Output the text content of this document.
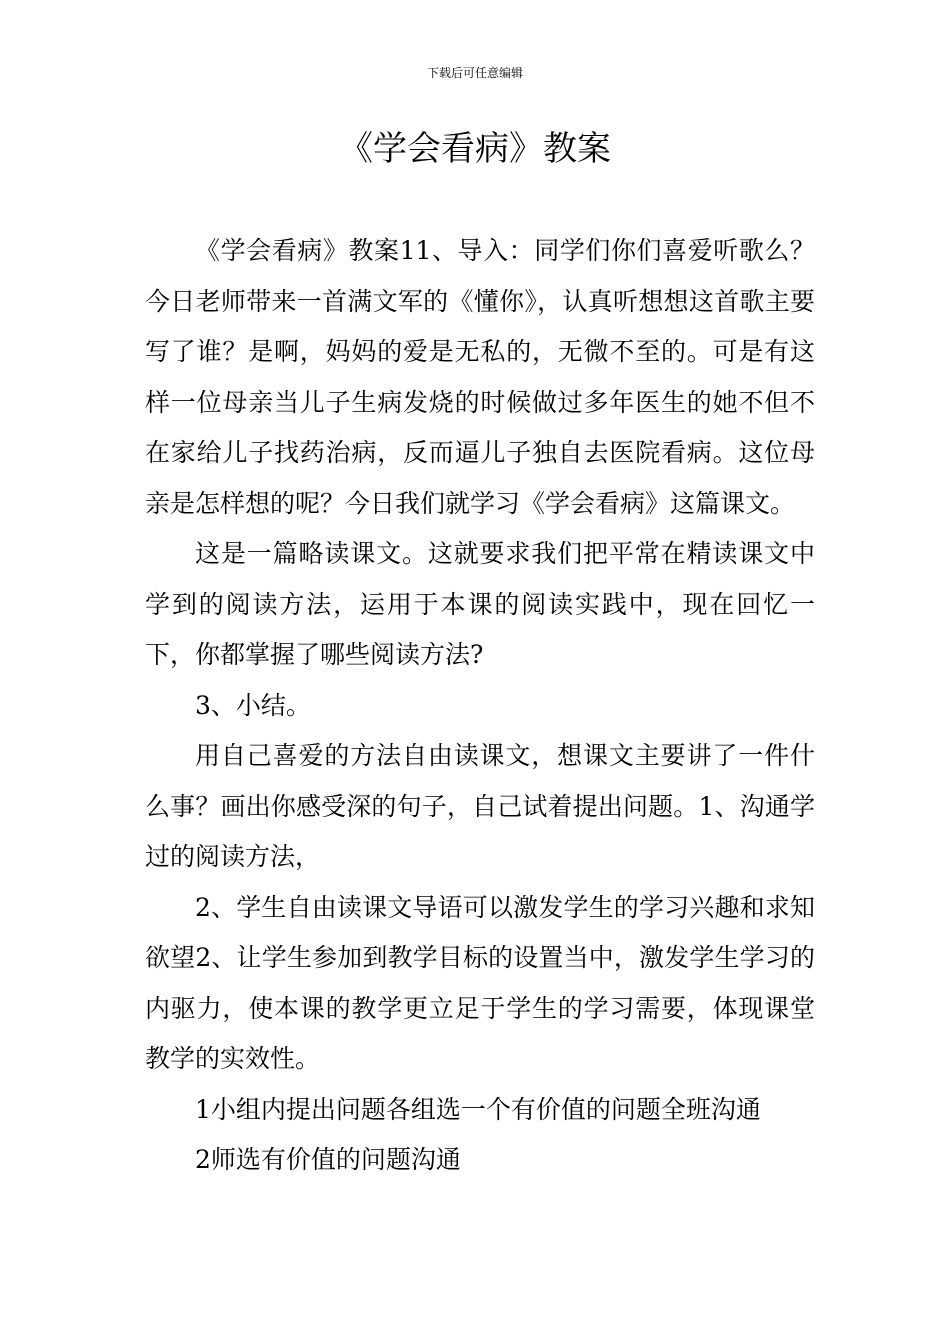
下载后可任意编辑
《学会看病》教案

《学会看病》教案11、导入：同学们你们喜爱听歌么？今日老师带来一首满文军的《懂你》，认真听想想这首歌主要写了谁？是啊，妈妈的爱是无私的，无微不至的。可是有这样一位母亲当儿子生病发烧的时候做过多年医生的她不但不在家给儿子找药治病，反而逼儿子独自去医院看病。这位母亲是怎样想的呢？今日我们就学习《学会看病》这篇课文。

这是一篇略读课文。这就要求我们把平常在精读课文中学到的阅读方法，运用于本课的阅读实践中，现在回忆一下，你都掌握了哪些阅读方法?

3、小结。

用自己喜爱的方法自由读课文，想课文主要讲了一件什么事？画出你感受深的句子，自己试着提出问题。1、沟通学过的阅读方法，

2、学生自由读课文导语可以激发学生的学习兴趣和求知欲望2、让学生参加到教学目标的设置当中，激发学生学习的内驱力，使本课的教学更立足于学生的学习需要，体现课堂教学的实效性。

1小组内提出问题各组选一个有价值的问题全班沟通

2师选有价值的问题沟通
